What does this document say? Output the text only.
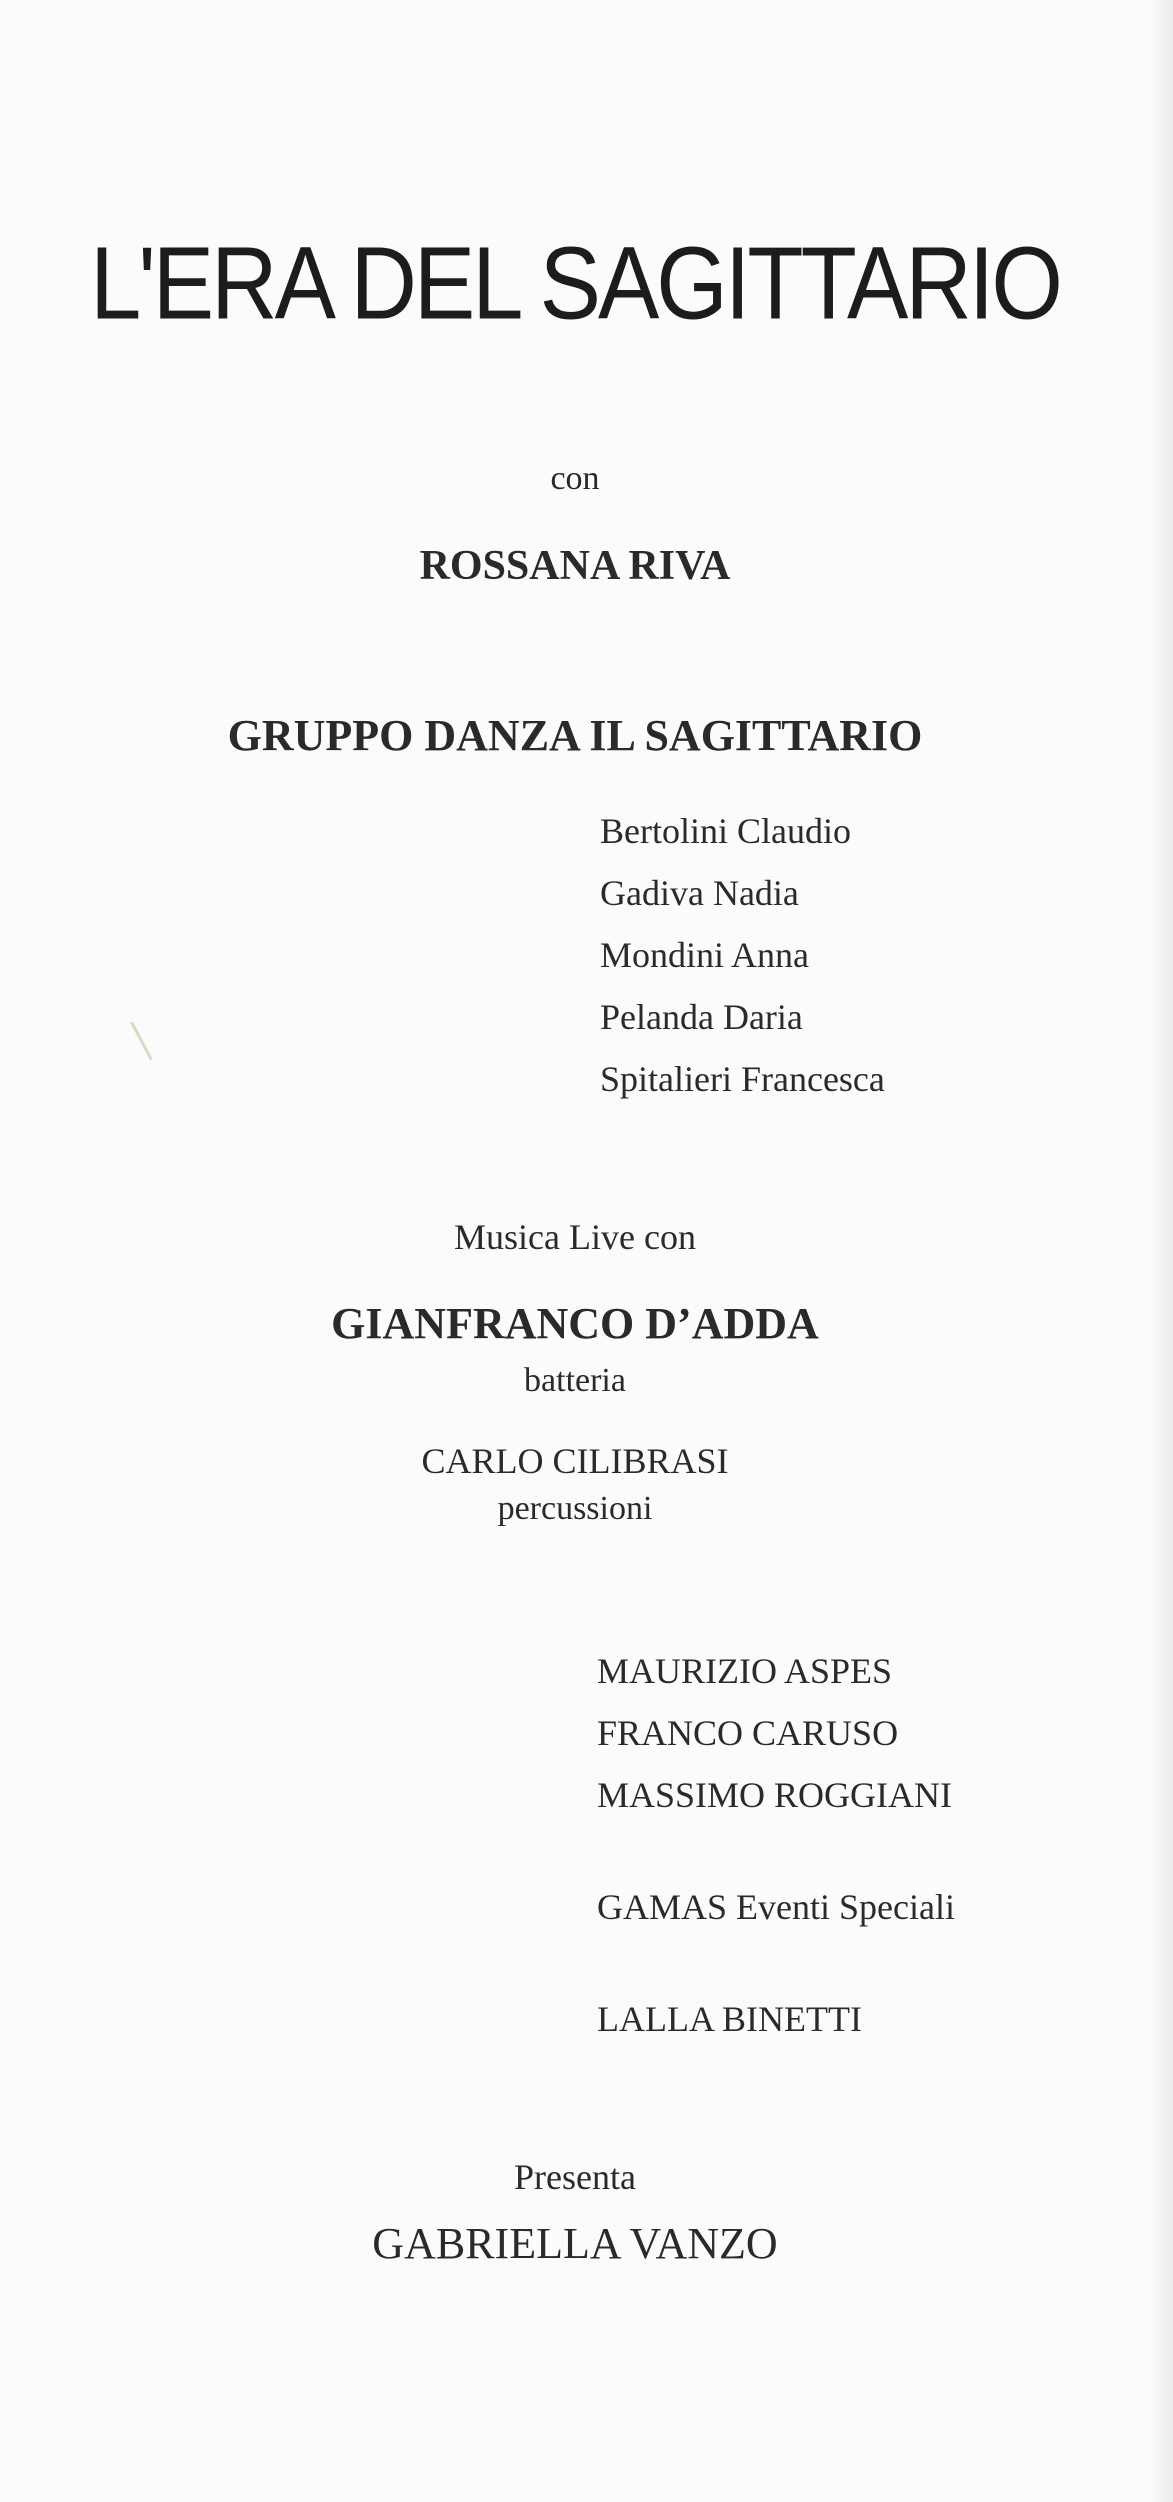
L'ERA DEL SAGITTARIO
con
ROSSANA RIVA
GRUPPO DANZA IL SAGITTARIO
Bertolini Claudio
Gadiva Nadia
Mondini Anna
Pelanda Daria
Spitalieri Francesca
Musica Live con
GIANFRANCO D’ADDA
batteria
CARLO CILIBRASI
percussioni
MAURIZIO ASPES
FRANCO CARUSO
MASSIMO ROGGIANI
GAMAS Eventi Speciali
LALLA BINETTI
Presenta
GABRIELLA VANZO
